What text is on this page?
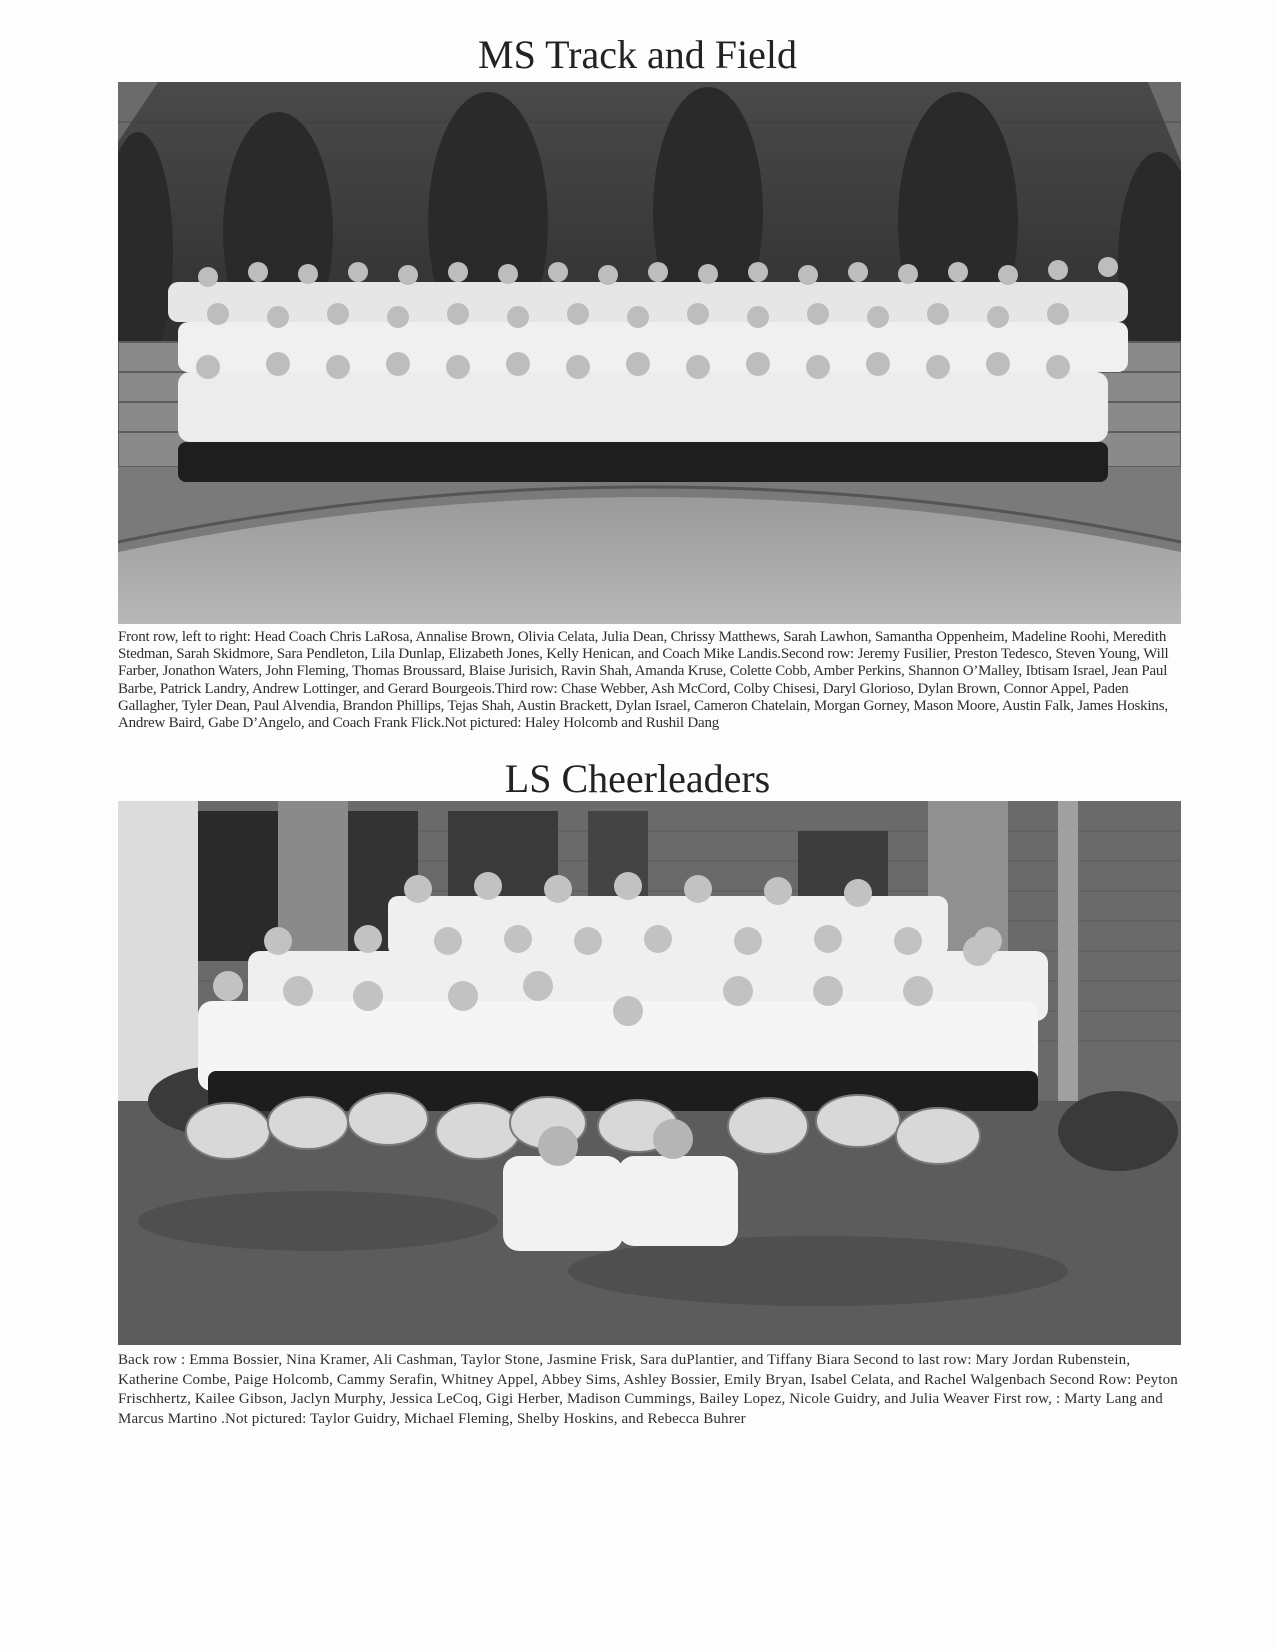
MS Track and Field

Front row, left to right: Head Coach Chris LaRosa, Annalise Brown, Olivia Celata, Julia Dean, Chrissy Matthews, Sarah Lawhon, Samantha Oppenheim, Madeline Roohi, Meredith Stedman, Sarah Skidmore, Sara Pendleton, Lila Dunlap, Elizabeth Jones, Kelly Henican, and Coach Mike Landis.Second row: Jeremy Fusilier, Preston Tedesco, Steven Young, Will Farber, Jonathon Waters, John Fleming, Thomas Broussard, Blaise Jurisich, Ravin Shah, Amanda Kruse, Colette Cobb, Amber Perkins, Shannon O’Malley, Ibtisam Israel, Jean Paul Barbe, Patrick Landry, Andrew Lottinger, and Gerard Bourgeois.Third row: Chase Webber, Ash McCord, Colby Chisesi, Daryl Glorioso, Dylan Brown, Connor Appel, Paden Gallagher, Tyler Dean, Paul Alvendia, Brandon Phillips, Tejas Shah, Austin Brackett, Dylan Israel, Cameron Chatelain, Morgan Gorney, Mason Moore, Austin Falk, James Hoskins, Andrew Baird, Gabe D’Angelo, and Coach Frank Flick.Not pictured: Haley Holcomb and Rushil Dang

LS Cheerleaders

Back row : Emma Bossier, Nina Kramer, Ali Cashman, Taylor Stone, Jasmine Frisk, Sara duPlantier, and Tiffany Biara Second to last row: Mary Jordan Rubenstein, Katherine Combe, Paige Holcomb, Cammy Serafin, Whitney Appel, Abbey Sims, Ashley Bossier, Emily Bryan, Isabel Celata, and Rachel Walgenbach Second Row: Peyton Frischhertz, Kailee Gibson, Jaclyn Murphy, Jessica LeCoq, Gigi Herber, Madison Cummings, Bailey Lopez, Nicole Guidry, and Julia Weaver First row, : Marty Lang and Marcus Martino .Not pictured: Taylor Guidry, Michael Fleming, Shelby Hoskins, and Rebecca Buhrer
